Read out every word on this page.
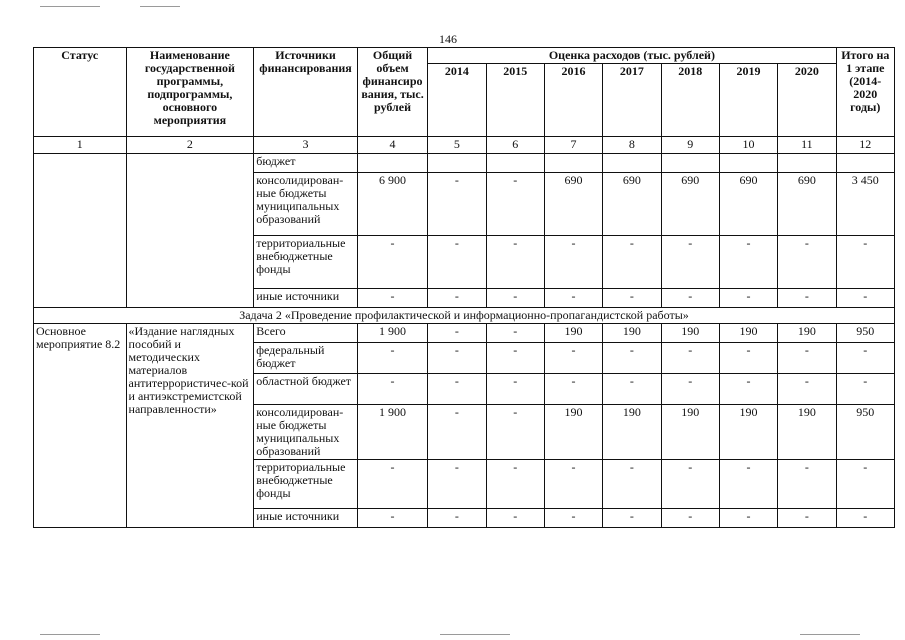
146
Статус	Наименование государственной программы, подпрограммы, основного мероприятия	Источники финансирования	Общий объем финансиро вания, тыс. рублей	Оценка расходов (тыс. рублей)							Итого на 1 этапе (2014-2020 годы)
				2014	2015	2016	2017	2018	2019	2020	
1	2	3	4	5	6	7	8	9	10	11	12
		бюджет									
		консолидирован-ные бюджеты муниципальных образований	6 900	-	-	690	690	690	690	690	3 450
		территориальные внебюджетные фонды	-	-	-	-	-	-	-	-	-
		иные источники	-	-	-	-	-	-	-	-	-
Задача 2 «Проведение профилактической и информационно-пропагандистской работы»											
Основное мероприятие 8.2	«Издание наглядных пособий и методических материалов антитеррористичес-кой и антиэкстремистской направленности»	Всего	1 900	-	-	190	190	190	190	190	950
		федеральный бюджет	-	-	-	-	-	-	-	-	-
		областной бюджет	-	-	-	-	-	-	-	-	-
		консолидирован-ные бюджеты муниципальных образований	1 900	-	-	190	190	190	190	190	950
		территориальные внебюджетные фонды	-	-	-	-	-	-	-	-	-
		иные источники	-	-	-	-	-	-	-	-	-
